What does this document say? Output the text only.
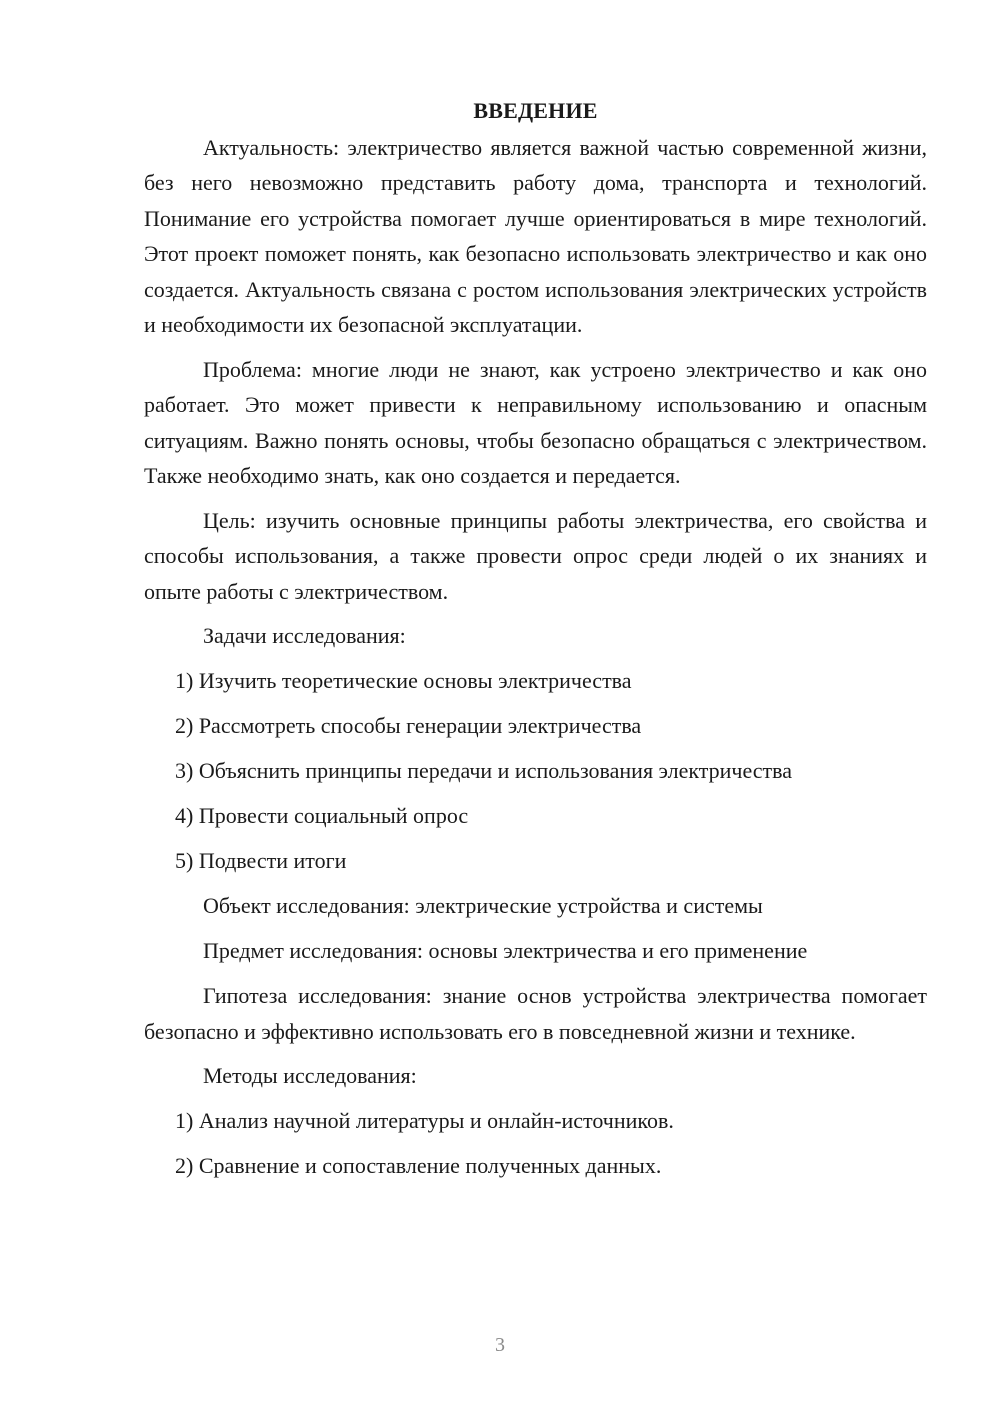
ВВЕДЕНИЕ

Актуальность: электричество является важной частью современной жизни, без него невозможно представить работу дома, транспорта и технологий. Понимание его устройства помогает лучше ориентироваться в мире технологий. Этот проект поможет понять, как безопасно использовать электричество и как оно создается. Актуальность связана с ростом использования электрических устройств и необходимости их безопасной эксплуатации.

Проблема: многие люди не знают, как устроено электричество и как оно работает. Это может привести к неправильному использованию и опасным ситуациям. Важно понять основы, чтобы безопасно обращаться с электричеством. Также необходимо знать, как оно создается и передается.

Цель: изучить основные принципы работы электричества, его свойства и способы использования, а также провести опрос среди людей о их знаниях и опыте работы с электричеством.

Задачи исследования:
1) Изучить теоретические основы электричества
2) Рассмотреть способы генерации электричества
3) Объяснить принципы передачи и использования электричества
4) Провести социальный опрос
5) Подвести итоги
Объект исследования: электрические устройства и системы
Предмет исследования: основы электричества и его применение

Гипотеза исследования: знание основ устройства электричества помогает безопасно и эффективно использовать его в повседневной жизни и технике.

Методы исследования:
1) Анализ научной литературы и онлайн-источников.
2) Сравнение и сопоставление полученных данных.
3
